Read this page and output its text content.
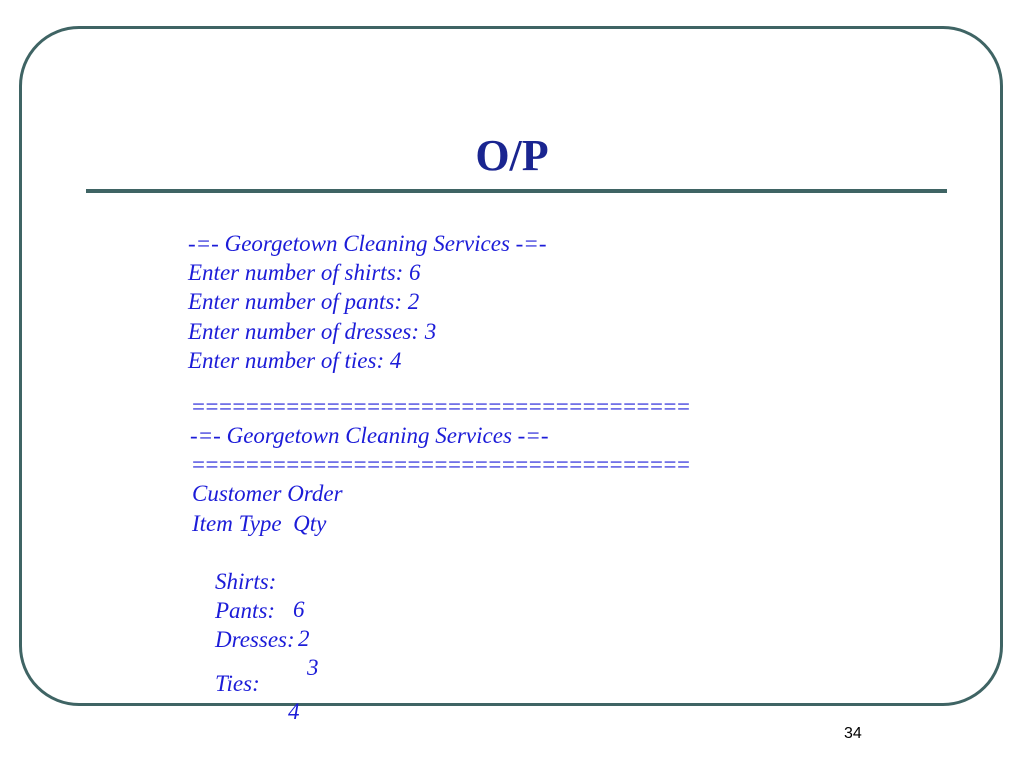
O/P
-=- Georgetown Cleaning Services -=-
Enter number of shirts: 6
Enter number of pants: 2
Enter number of dresses: 3
Enter number of ties: 4
=====================================
-=- Georgetown Cleaning Services -=-
=====================================
Customer Order
Item Type  Qty

Shirts:

6

Pants:

2

Dresses:

3

Ties:

4

34
